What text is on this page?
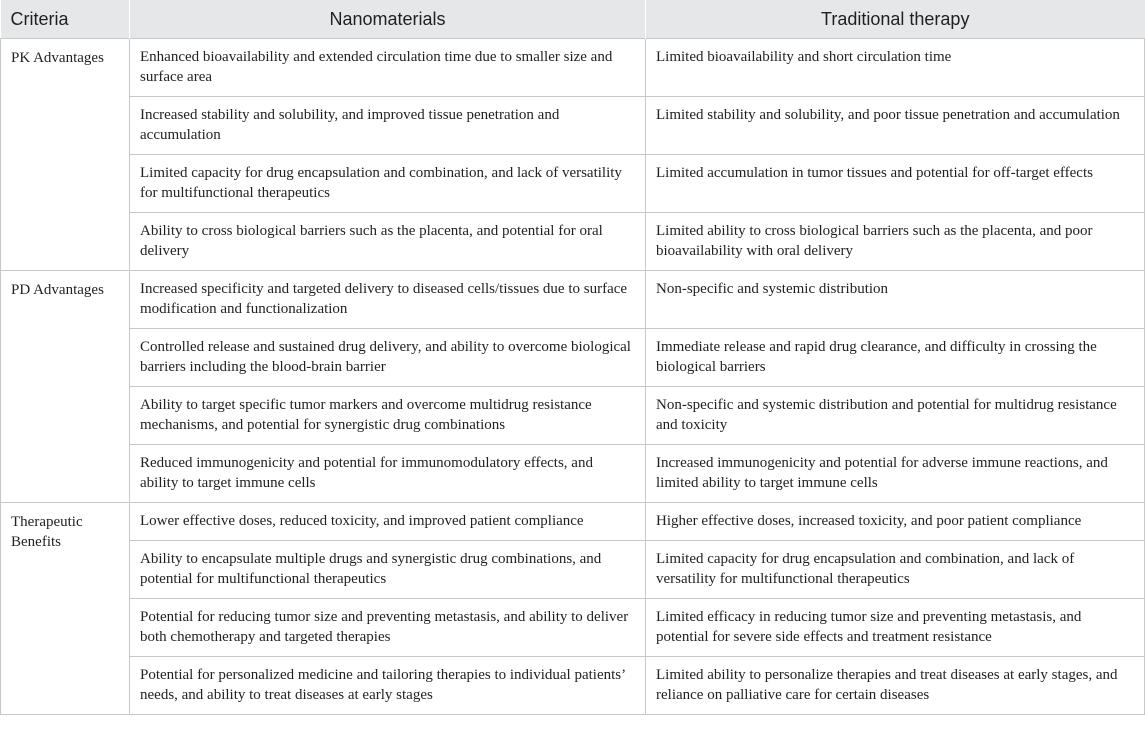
Criteria	Nanomaterials	Traditional therapy
PK Advantages	Enhanced bioavailability and extended circulation time due to smaller size and surface area	Limited bioavailability and short circulation time
	Increased stability and solubility, and improved tissue penetration and accumulation	Limited stability and solubility, and poor tissue penetration and accumulation
	Limited capacity for drug encapsulation and combination, and lack of versatility for multifunctional therapeutics	Limited accumulation in tumor tissues and potential for off-target effects
	Ability to cross biological barriers such as the placenta, and potential for oral delivery	Limited ability to cross biological barriers such as the placenta, and poor bioavailability with oral delivery
PD Advantages	Increased specificity and targeted delivery to diseased cells/tissues due to surface modification and functionalization	Non-specific and systemic distribution
	Controlled release and sustained drug delivery, and ability to overcome biological barriers including the blood-brain barrier	Immediate release and rapid drug clearance, and difficulty in crossing the biological barriers
	Ability to target specific tumor markers and overcome multidrug resistance mechanisms, and potential for synergistic drug combinations	Non-specific and systemic distribution and potential for multidrug resistance and toxicity
	Reduced immunogenicity and potential for immunomodulatory effects, and ability to target immune cells	Increased immunogenicity and potential for adverse immune reactions, and limited ability to target immune cells
Therapeutic Benefits	Lower effective doses, reduced toxicity, and improved patient compliance	Higher effective doses, increased toxicity, and poor patient compliance
	Ability to encapsulate multiple drugs and synergistic drug combinations, and potential for multifunctional therapeutics	Limited capacity for drug encapsulation and combination, and lack of versatility for multifunctional therapeutics
	Potential for reducing tumor size and preventing metastasis, and ability to deliver both chemotherapy and targeted therapies	Limited efficacy in reducing tumor size and preventing metastasis, and potential for severe side effects and treatment resistance
	Potential for personalized medicine and tailoring therapies to individual patients’ needs, and ability to treat diseases at early stages	Limited ability to personalize therapies and treat diseases at early stages, and reliance on palliative care for certain diseases
